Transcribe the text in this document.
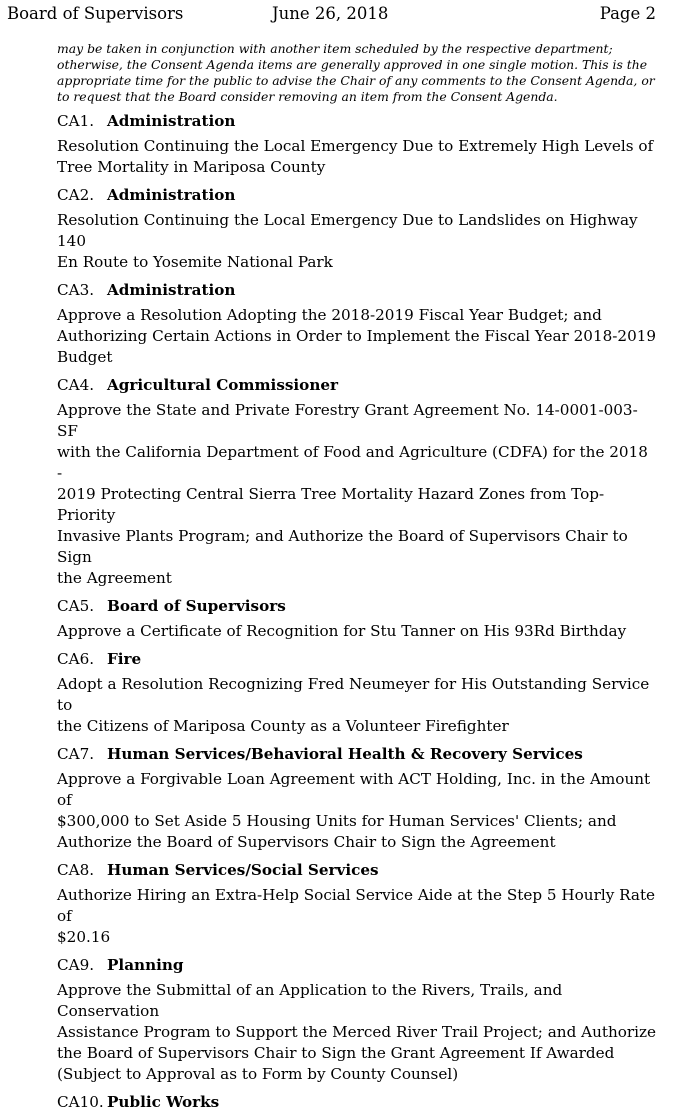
Board of Supervisors	June 26, 2018	Page 2
may be taken in conjunction with another item scheduled by the respective department;
otherwise, the Consent Agenda items are generally approved in one single motion. This is the
appropriate time for the public to advise the Chair of any comments to the Consent Agenda, or
to request that the Board consider removing an item from the Consent Agenda.
CA1. Administration
Resolution Continuing the Local Emergency Due to Extremely High Levels of
Tree Mortality in Mariposa County
CA2. Administration
Resolution Continuing the Local Emergency Due to Landslides on Highway 140
En Route to Yosemite National Park
CA3. Administration
Approve a Resolution Adopting the 2018-2019 Fiscal Year Budget; and
Authorizing Certain Actions in Order to Implement the Fiscal Year 2018-2019
Budget
CA4. Agricultural Commissioner
Approve the State and Private Forestry Grant Agreement No. 14-0001-003-SF
with the California Department of Food and Agriculture (CDFA) for the 2018 -
2019 Protecting Central Sierra Tree Mortality Hazard Zones from Top-Priority
Invasive Plants Program; and Authorize the Board of Supervisors Chair to Sign
the Agreement
CA5. Board of Supervisors
Approve a Certificate of Recognition for Stu Tanner on His 93Rd Birthday
CA6. Fire
Adopt a Resolution Recognizing Fred Neumeyer for His Outstanding Service to
the Citizens of Mariposa County as a Volunteer Firefighter
CA7. Human Services/Behavioral Health & Recovery Services
Approve a Forgivable Loan Agreement with ACT Holding, Inc. in the Amount of
$300,000 to Set Aside 5 Housing Units for Human Services' Clients; and
Authorize the Board of Supervisors Chair to Sign the Agreement
CA8. Human Services/Social Services
Authorize Hiring an Extra-Help Social Service Aide at the Step 5 Hourly Rate of
$20.16
CA9. Planning
Approve the Submittal of an Application to the Rivers, Trails, and Conservation
Assistance Program to Support the Merced River Trail Project; and Authorize
the Board of Supervisors Chair to Sign the Grant Agreement If Awarded
(Subject to Approval as to Form by County Counsel)
CA10. Public Works
